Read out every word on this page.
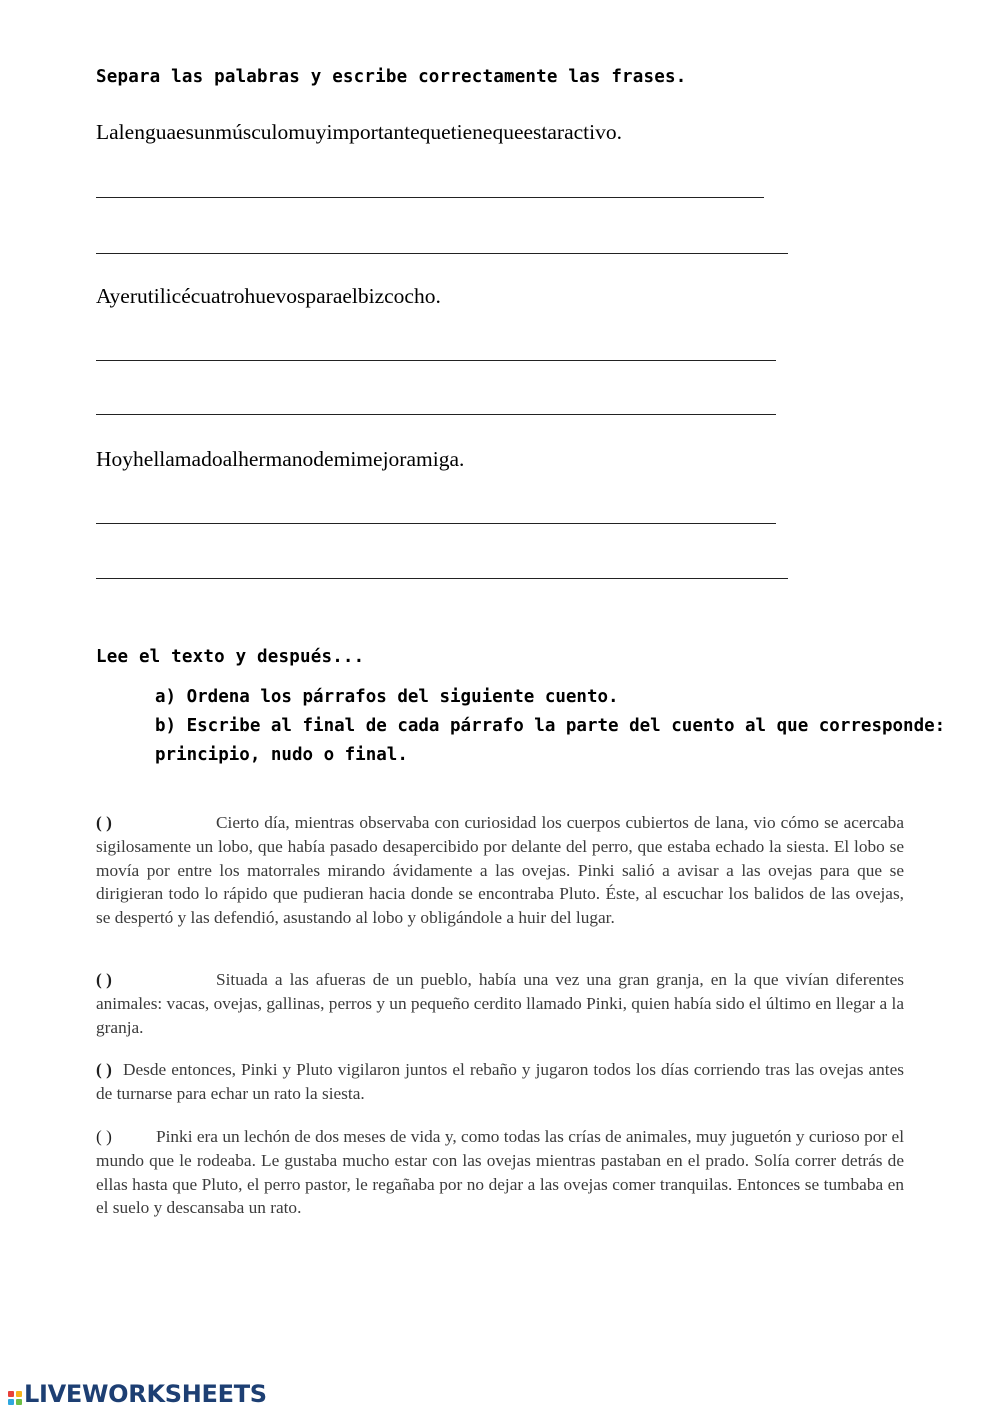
Separa las palabras y escribe correctamente las frases.
Lalenguaesunmúsculomuyimportantequetienequeestaractivo.
Ayerutilicécuatrohuevosparaelbizcocho.
Hoyhellamadoalhermanodemimejoramiga.
Lee el texto y después...
a) Ordena los párrafos del siguiente cuento.
b) Escribe al final de cada párrafo la parte del cuento al que corresponde:
principio, nudo o final.

( )	Cierto día, mientras observaba con curiosidad los cuerpos cubiertos de lana, vio cómo se acercaba sigilosamente un lobo, que había pasado desapercibido por delante del perro, que estaba echado la siesta. El lobo se movía por entre los matorrales mirando ávidamente a las ovejas. Pinki salió a avisar a las ovejas para que se dirigieran todo lo rápido que pudieran hacia donde se encontraba Pluto. Éste, al escuchar los balidos de las ovejas, se despertó y las defendió, asustando al lobo y obligándole a huir del lugar.

( )	Situada a las afueras de un pueblo, había una vez una gran granja, en la que vivían diferentes animales: vacas, ovejas, gallinas, perros y un pequeño cerdito llamado Pinki, quien había sido el último en llegar a la granja.

( ) Desde entonces, Pinki y Pluto vigilaron juntos el rebaño y jugaron todos los días corriendo tras las ovejas antes de turnarse para echar un rato la siesta.

( )	Pinki era un lechón de dos meses de vida y, como todas las crías de animales, muy juguetón y curioso por el mundo que le rodeaba. Le gustaba mucho estar con las ovejas mientras pastaban en el prado. Solía correr detrás de ellas hasta que Pluto, el perro pastor, le regañaba por no dejar a las ovejas comer tranquilas. Entonces se tumbaba en el suelo y descansaba un rato.

LIVEWORKSHEETS
